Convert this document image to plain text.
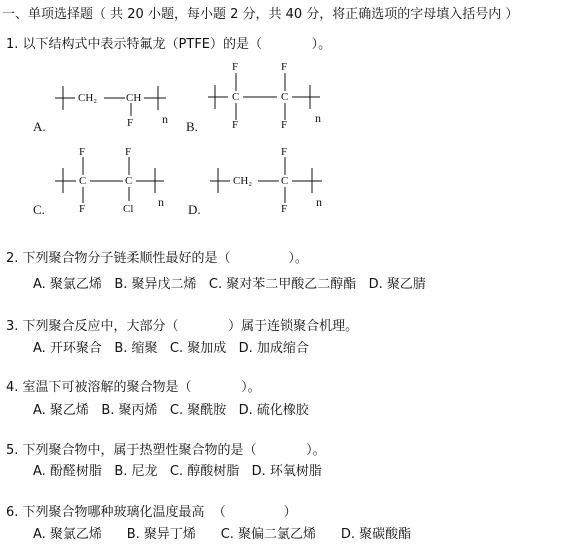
一、单项选择题（ 共 20 小题，每小题 2 分，共 40 分，将正确选项的字母填入括号内 ）
1. 以下结构式中表示特氟龙（PTFE）的是（            ）。
A.
CH₂	CH
F n B.
F	F
C	C
F	F n
C.
F	F
C	C
F	Cl n D.
CH₂
F
C
F n
2. 下列聚合物分子链柔顺性最好的是（              ）。
A. 聚氯乙烯   B. 聚异戊二烯   C. 聚对苯二甲酸乙二醇酯   D. 聚乙腈
3. 下列聚合反应中，大部分（            ）属于连锁聚合机理。
A. 开环聚合   B. 缩聚   C. 聚加成   D. 加成缩合
4. 室温下可被溶解的聚合物是（            ）。
A. 聚乙烯   B. 聚丙烯   C. 聚酰胺   D. 硫化橡胶
5. 下列聚合物中，属于热塑性聚合物的是（            ）。
A. 酚醛树脂   B. 尼龙   C. 醇酸树脂   D. 环氧树脂
6. 下列聚合物哪种玻璃化温度最高  （              ）
A. 聚氯乙烯      B. 聚异丁烯      C. 聚偏二氯乙烯      D. 聚碳酸酯
